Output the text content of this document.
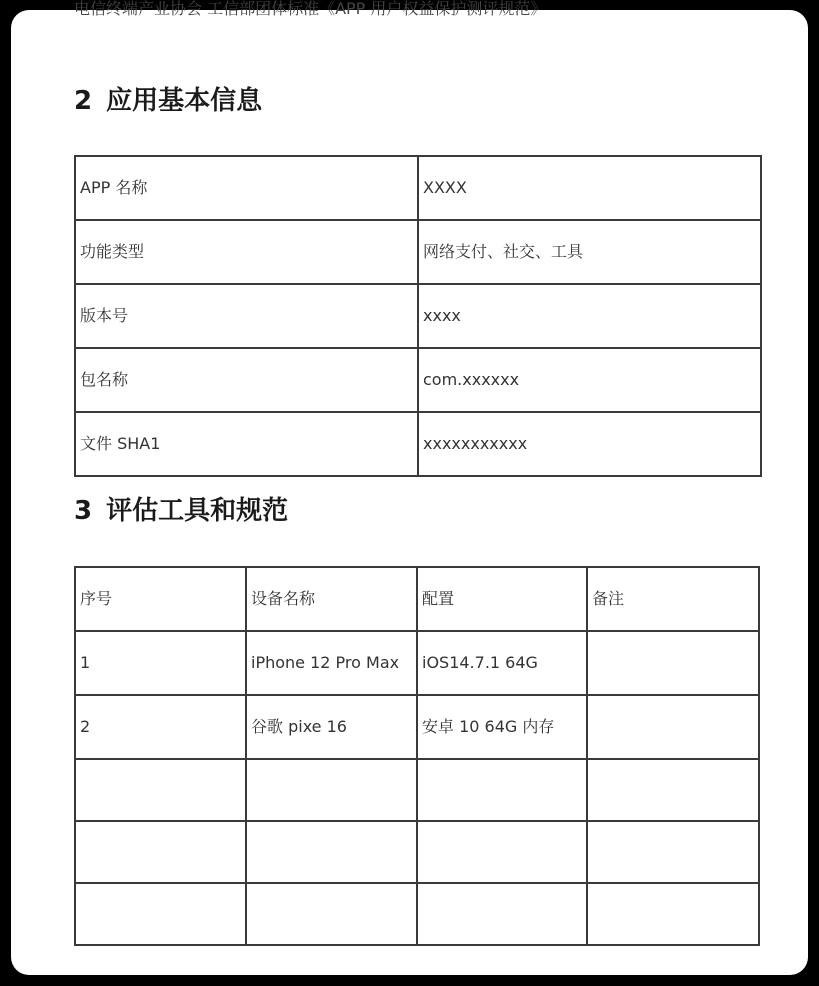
电信终端产业协会 工信部团体标准《APP 用户权益保护测评规范》
2 应用基本信息
APP 名称	XXXX
功能类型	网络支付、社交、工具
版本号	xxxx
包名称	com.xxxxxx
文件 SHA1	xxxxxxxxxxx
3 评估工具和规范
序号	设备名称	配置	备注
1	iPhone 12 Pro Max	iOS14.7.1 64G	
2	谷歌 pixe 16	安卓 10 64G 内存	
